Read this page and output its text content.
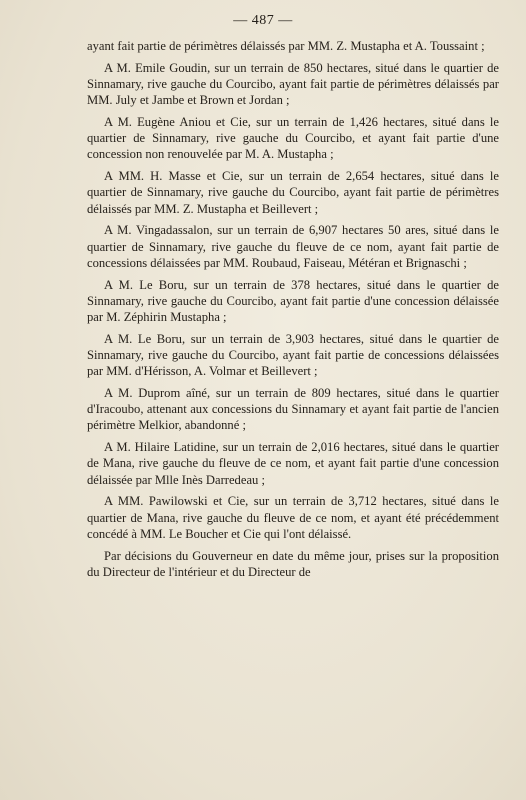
— 487 —

ayant fait partie de périmètres délaissés par MM. Z. Mustapha et A. Toussaint ;

A M. Emile Goudin, sur un terrain de 850 hectares, situé dans le quartier de Sinnamary, rive gauche du Courcibo, ayant fait partie de périmètres délaissés par MM. July et Jambe et Brown et Jordan ;

A M. Eugène Aniou et Cie, sur un terrain de 1,426 hectares, situé dans le quartier de Sinnamary, rive gauche du Courcibo, et ayant fait partie d'une concession non renouvelée par M. A. Mustapha ;

A MM. H. Masse et Cie, sur un terrain de 2,654 hectares, situé dans le quartier de Sinnamary, rive gauche du Courcibo, ayant fait partie de périmètres délaissés par MM. Z. Mustapha et Beillevert ;

A M. Vingadassalon, sur un terrain de 6,907 hectares 50 ares, situé dans le quartier de Sinnamary, rive gauche du fleuve de ce nom, ayant fait partie de concessions délaissées par MM. Roubaud, Faiseau, Météran et Brignaschi ;

A M. Le Boru, sur un terrain de 378 hectares, situé dans le quartier de Sinnamary, rive gauche du Courcibo, ayant fait partie d'une concession délaissée par M. Zéphirin Mustapha ;

A M. Le Boru, sur un terrain de 3,903 hectares, situé dans le quartier de Sinnamary, rive gauche du Courcibo, ayant fait partie de concessions délaissées par MM. d'Hérisson, A. Volmar et Beillevert ;

A M. Duprom aîné, sur un terrain de 809 hectares, situé dans le quartier d'Iracoubo, attenant aux concessions du Sinnamary et ayant fait partie de l'ancien périmètre Melkior, abandonné ;

A M. Hilaire Latidine, sur un terrain de 2,016 hectares, situé dans le quartier de Mana, rive gauche du fleuve de ce nom, et ayant fait partie d'une concession délaissée par Mlle Inès Darredeau ;

A MM. Pawilowski et Cie, sur un terrain de 3,712 hectares, situé dans le quartier de Mana, rive gauche du fleuve de ce nom, et ayant été précédemment concédé à MM. Le Boucher et Cie qui l'ont délaissé.

Par décisions du Gouverneur en date du même jour, prises sur la proposition du Directeur de l'intérieur et du Directeur de
